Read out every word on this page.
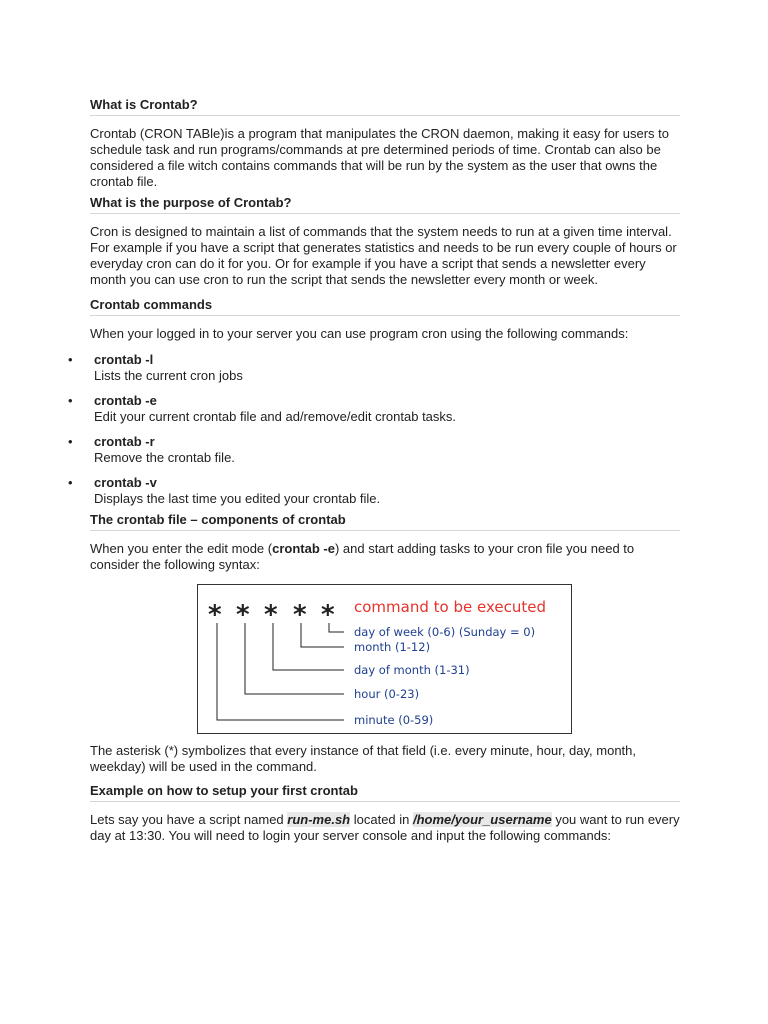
What is Crontab?

Crontab (CRON TABle)is a program that manipulates the CRON daemon, making it easy for users to schedule task and run programs/commands at pre determined periods of time. Crontab can also be considered a file witch contains commands that will be run by the system as the user that owns the crontab file.

What is the purpose of Crontab?

Cron is designed to maintain a list of commands that the system needs to run at a given time interval.

For example if you have a script that generates statistics and needs to be run every couple of hours or everyday cron can do it for you. Or for example if you have a script that sends a newsletter every month you can use cron to run the script that sends the newsletter every month or week.

Crontab commands

When your logged in to your server you can use program cron using the following commands:

•	crontab -l
Lists the current cron jobs
•	crontab -e
Edit your current crontab file and ad/remove/edit crontab tasks.
•	crontab -r
Remove the crontab file.
•	crontab -v
Displays the last time you edited your crontab file.
The crontab file – components of crontab

When you enter the edit mode (crontab -e) and start adding tasks to your cron file you need to consider the following syntax:

* * * * * command to be executed
day of week (0-6) (Sunday = 0)
month (1-12)
day of month (1-31)
hour (0-23)
minute (0-59)

The asterisk (*) symbolizes that every instance of that field (i.e. every minute, hour, day, month, weekday) will be used in the command.

Example on how to setup your first crontab

Lets say you have a script named run-me.sh located in /home/your_username you want to run every day at 13:30. You will need to login your server console and input the following commands:
